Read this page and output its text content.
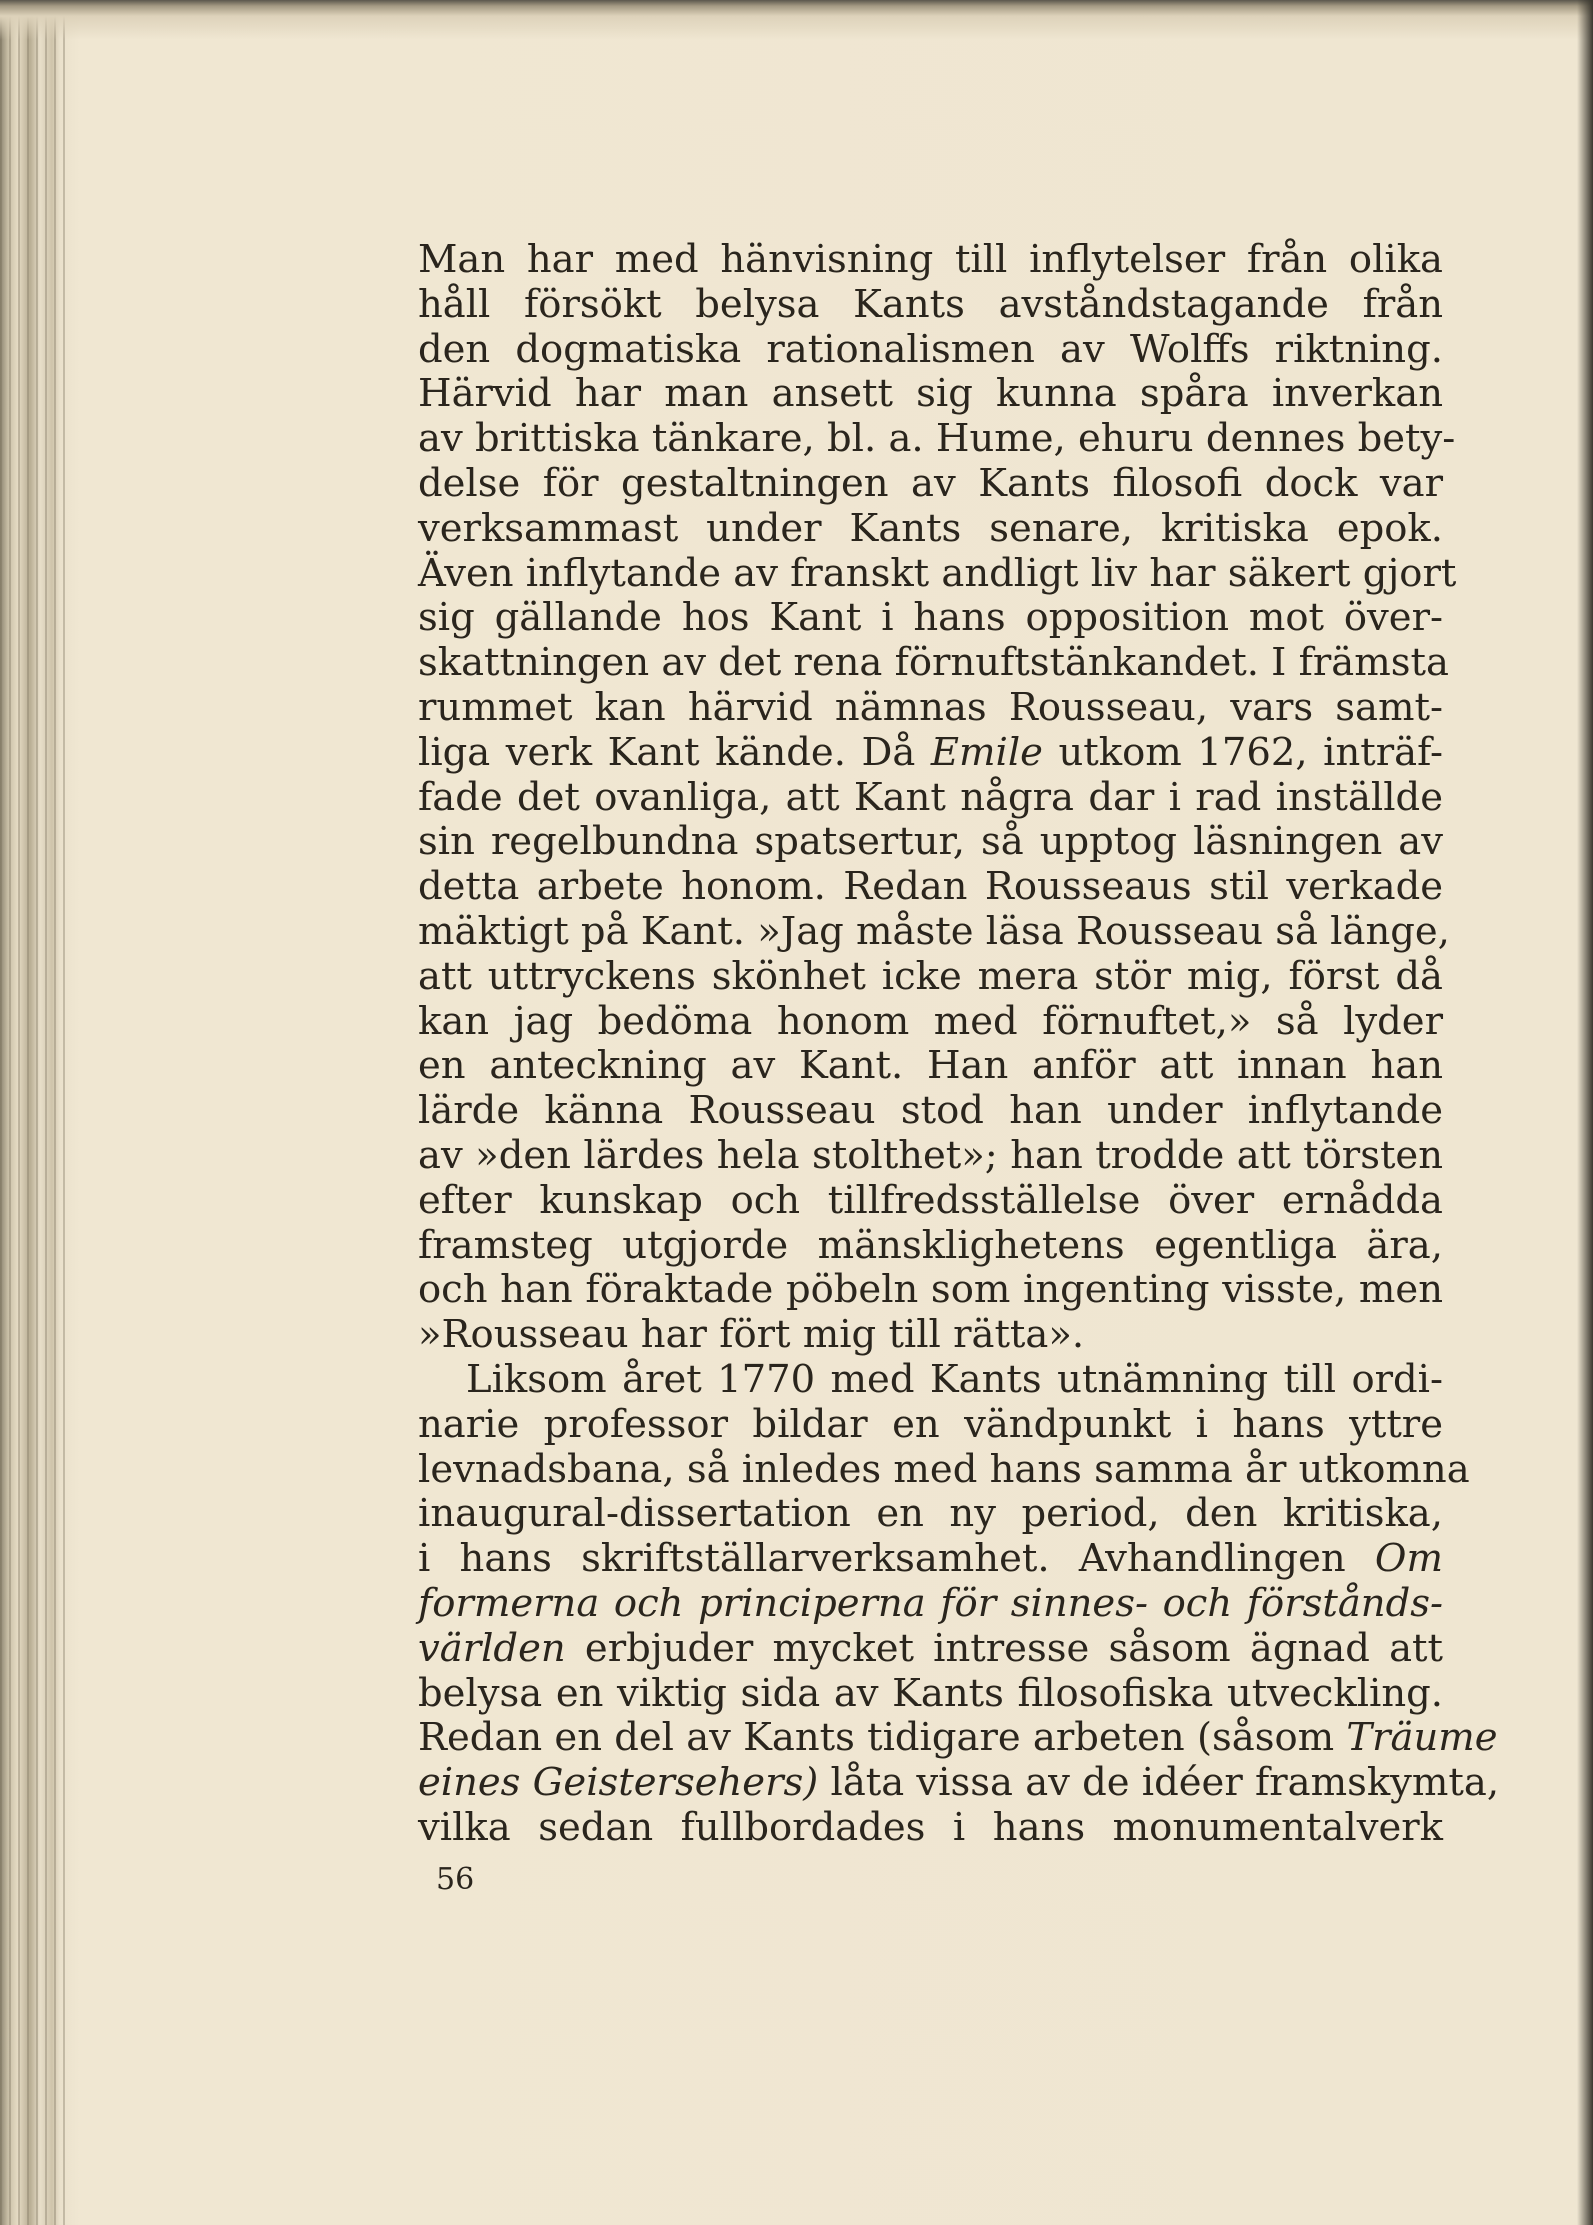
Man har med hänvisning till inflytelser från olika
håll försökt belysa Kants avståndstagande från
den dogmatiska rationalismen av Wolffs riktning.
Härvid har man ansett sig kunna spåra inverkan
av brittiska tänkare, bl. a. Hume, ehuru dennes bety-
delse för gestaltningen av Kants filosofi dock var
verksammast under Kants senare, kritiska epok.
Även inflytande av franskt andligt liv har säkert gjort
sig gällande hos Kant i hans opposition mot över-
skattningen av det rena förnuftstänkandet. I främsta
rummet kan härvid nämnas Rousseau, vars samt-
liga verk Kant kände. Då Emile utkom 1762, inträf-
fade det ovanliga, att Kant några dar i rad inställde
sin regelbundna spatsertur, så upptog läsningen av
detta arbete honom. Redan Rousseaus stil verkade
mäktigt på Kant. »Jag måste läsa Rousseau så länge,
att uttryckens skönhet icke mera stör mig, först då
kan jag bedöma honom med förnuftet,» så lyder
en anteckning av Kant. Han anför att innan han
lärde känna Rousseau stod han under inflytande
av »den lärdes hela stolthet»; han trodde att törsten
efter kunskap och tillfredsställelse över ernådda
framsteg utgjorde mänsklighetens egentliga ära,
och han föraktade pöbeln som ingenting visste, men
»Rousseau har fört mig till rätta».
Liksom året 1770 med Kants utnämning till ordi-
narie professor bildar en vändpunkt i hans yttre
levnadsbana, så inledes med hans samma år utkomna
inaugural-dissertation en ny period, den kritiska,
i hans skriftställarverksamhet. Avhandlingen Om
formerna och principerna för sinnes- och förstånds-
världen erbjuder mycket intresse såsom ägnad att
belysa en viktig sida av Kants filosofiska utveckling.
Redan en del av Kants tidigare arbeten (såsom Träume
eines Geistersehers) låta vissa av de idéer framskymta,
vilka sedan fullbordades i hans monumentalverk
56
